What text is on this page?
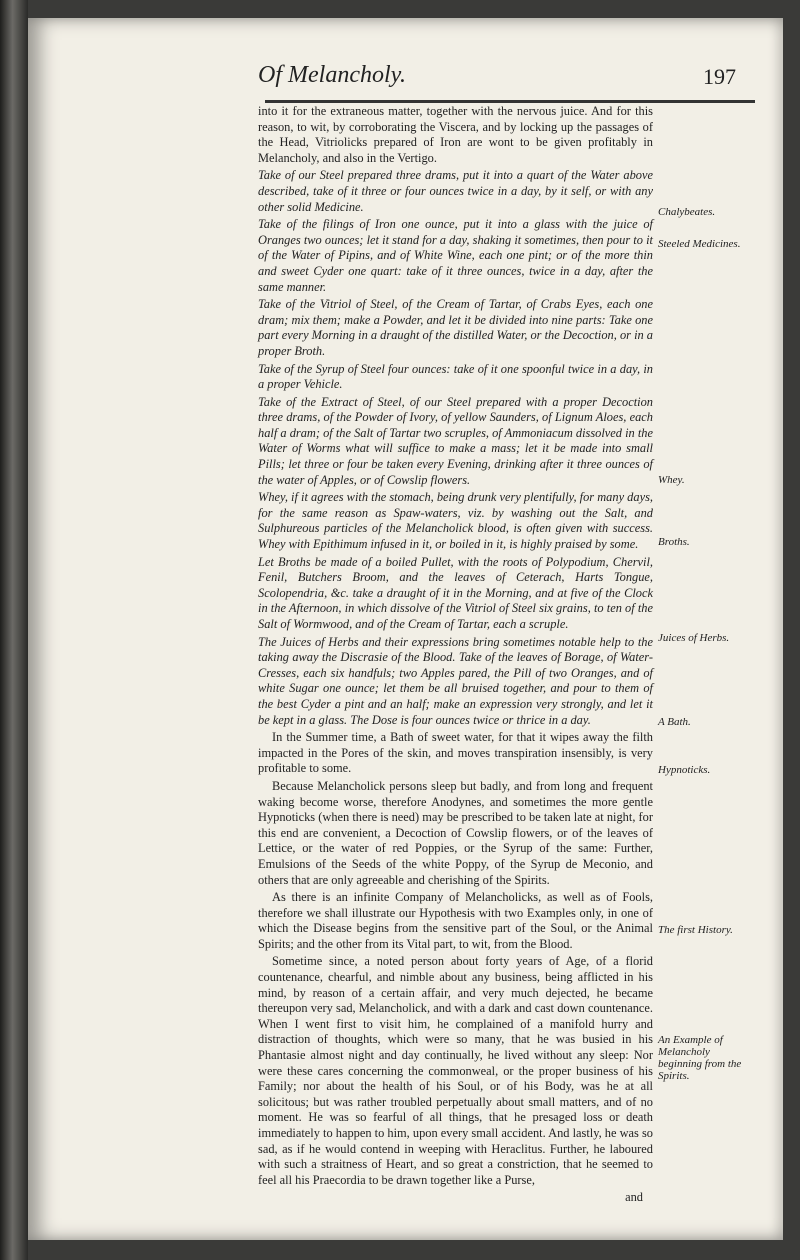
Of Melancholy.	197

into it for the extraneous matter, together with the nervous juice. And for this reason, to wit, by corroborating the Viscera, and by locking up the passages of the Head, Vitriolicks prepared of Iron are wont to be given profitably in Melancholy, and also in the Vertigo.

Take of our Steel prepared three drams, put it into a quart of the Water above described, take of it three or four ounces twice in a day, by it self, or with any other solid Medicine.

Take of the filings of Iron one ounce, put it into a glass with the juice of Oranges two ounces; let it stand for a day, shaking it sometimes, then pour to it of the Water of Pipins, and of White Wine, each one pint; or of the more thin and sweet Cyder one quart: take of it three ounces, twice in a day, after the same manner.

Take of the Vitriol of Steel, of the Cream of Tartar, of Crabs Eyes, each one dram; mix them; make a Powder, and let it be divided into nine parts: Take one part every Morning in a draught of the distilled Water, or the Decoction, or in a proper Broth.

Take of the Syrup of Steel four ounces: take of it one spoonful twice in a day, in a proper Vehicle.

Take of the Extract of Steel, of our Steel prepared with a proper Decoction three drams, of the Powder of Ivory, of yellow Saunders, of Lignum Aloes, each half a dram; of the Salt of Tartar two scruples, of Ammoniacum dissolved in the Water of Worms what will suffice to make a mass; let it be made into small Pills; let three or four be taken every Evening, drinking after it three ounces of the water of Apples, or of Cowslip flowers.

Whey, if it agrees with the stomach, being drunk very plentifully, for many days, for the same reason as Spaw-waters, viz. by washing out the Salt, and Sulphureous particles of the Melancholick blood, is often given with success. Whey with Epithimum infused in it, or boiled in it, is highly praised by some.

Let Broths be made of a boiled Pullet, with the roots of Polypodium, Chervil, Fenil, Butchers Broom, and the leaves of Ceterach, Harts Tongue, Scolopendria, &c. take a draught of it in the Morning, and at five of the Clock in the Afternoon, in which dissolve of the Vitriol of Steel six grains, to ten of the Salt of Wormwood, and of the Cream of Tartar, each a scruple.

The Juices of Herbs and their expressions bring sometimes notable help to the taking away the Discrasie of the Blood. Take of the leaves of Borage, of Water-Cresses, each six handfuls; two Apples pared, the Pill of two Oranges, and of white Sugar one ounce; let them be all bruised together, and pour to them of the best Cyder a pint and an half; make an expression very strongly, and let it be kept in a glass. The Dose is four ounces twice or thrice in a day.

In the Summer time, a Bath of sweet water, for that it wipes away the filth impacted in the Pores of the skin, and moves transpiration insensibly, is very profitable to some.

Because Melancholick persons sleep but badly, and from long and frequent waking become worse, therefore Anodynes, and sometimes the more gentle Hypnoticks (when there is need) may be prescribed to be taken late at night, for this end are convenient, a Decoction of Cowslip flowers, or of the leaves of Lettice, or the water of red Poppies, or the Syrup of the same: Further, Emulsions of the Seeds of the white Poppy, of the Syrup de Meconio, and others that are only agreeable and cherishing of the Spirits.

As there is an infinite Company of Melancholicks, as well as of Fools, therefore we shall illustrate our Hypothesis with two Examples only, in one of which the Disease begins from the sensitive part of the Soul, or the Animal Spirits; and the other from its Vital part, to wit, from the Blood.

Sometime since, a noted person about forty years of Age, of a florid countenance, chearful, and nimble about any business, being afflicted in his mind, by reason of a certain affair, and very much dejected, he became thereupon very sad, Melancholick, and with a dark and cast down countenance. When I went first to visit him, he complained of a manifold hurry and distraction of thoughts, which were so many, that he was busied in his Phantasie almost night and day continually, he lived without any sleep: Nor were these cares concerning the commonweal, or the proper business of his Family; nor about the health of his Soul, or of his Body, was he at all solicitous; but was rather troubled perpetually about small matters, and of no moment. He was so fearful of all things, that he presaged loss or death immediately to happen to him, upon every small accident. And lastly, he was so sad, as if he would contend in weeping with Heraclitus. Further, he laboured with such a straitness of Heart, and so great a constriction, that he seemed to feel all his Praecordia to be drawn together like a Purse,

and

Chalybeates.
Steeled Medicines.
Whey.
Broths.
Juices of Herbs.
A Bath.
Hypnoticks.
The first History.
An Example of Melancholy beginning from the Spirits.
